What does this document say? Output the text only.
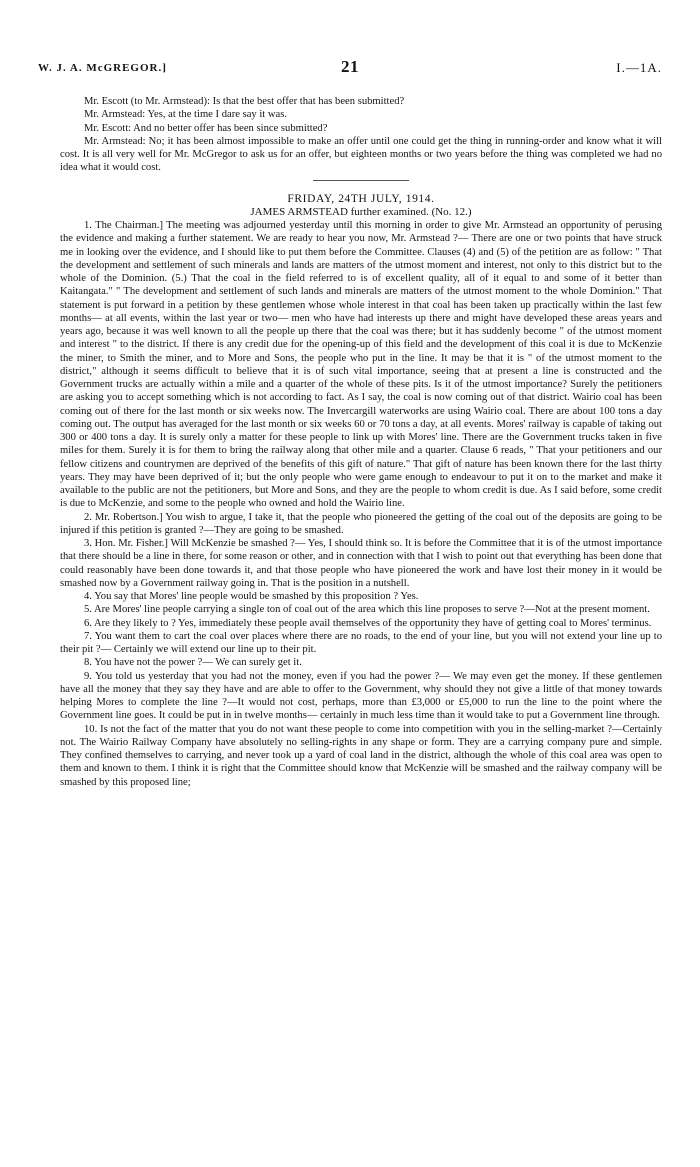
W. J. A. McGREGOR.]	21	I.—1A.

Mr. Escott (to Mr. Armstead): Is that the best offer that has been submitted?

Mr. Armstead: Yes, at the time I dare say it was.

Mr. Escott: And no better offer has been since submitted?

Mr. Armstead: No; it has been almost impossible to make an offer until one could get the thing in running-order and know what it will cost. It is all very well for Mr. McGregor to ask us for an offer, but eighteen months or two years before the thing was completed we had no idea what it would cost.

FRIDAY, 24TH JULY, 1914.

JAMES ARMSTEAD further examined. (No. 12.)

1. The Chairman.] The meeting was adjourned yesterday until this morning in order to give Mr. Armstead an opportunity of perusing the evidence and making a further statement. We are ready to hear you now, Mr. Armstead ?— There are one or two points that have struck me in looking over the evidence, and I should like to put them before the Committee. Clauses (4) and (5) of the petition are as follow: " That the development and settlement of such minerals and lands are matters of the utmost moment and interest, not only to this district but to the whole of the Dominion. (5.) That the coal in the field referred to is of excellent quality, all of it equal to and some of it better than Kaitangata." " The development and settlement of such lands and minerals are matters of the utmost moment to the whole Dominion." That statement is put forward in a petition by these gentlemen whose whole interest in that coal has been taken up practically within the last few months— at all events, within the last year or two— men who have had interests up there and might have developed these areas years and years ago, because it was well known to all the people up there that the coal was there; but it has suddenly become " of the utmost moment and interest " to the district. If there is any credit due for the opening-up of this field and the development of this coal it is due to McKenzie the miner, to Smith the miner, and to More and Sons, the people who put in the line. It may be that it is " of the utmost moment to the district," although it seems difficult to believe that it is of such vital importance, seeing that at present a line is constructed and the Government trucks are actually within a mile and a quarter of the whole of these pits. Is it of the utmost importance? Surely the petitioners are asking you to accept something which is not according to fact. As I say, the coal is now coming out of that district. Wairio coal has been coming out of there for the last month or six weeks now. The Invercargill waterworks are using Wairio coal. There are about 100 tons a day coming out. The output has averaged for the last month or six weeks 60 or 70 tons a day, at all events. Mores' railway is capable of taking out 300 or 400 tons a day. It is surely only a matter for these people to link up with Mores' line. There are the Government trucks taken in five miles for them. Surely it is for them to bring the railway along that other mile and a quarter. Clause 6 reads, " That your petitioners and our fellow citizens and countrymen are deprived of the benefits of this gift of nature." That gift of nature has been known there for the last thirty years. They may have been deprived of it; but the only people who were game enough to endeavour to put it on to the market and make it available to the public are not the petitioners, but More and Sons, and they are the people to whom credit is due. As I said before, some credit is due to McKenzie, and some to the people who owned and hold the Wairio line.

2. Mr. Robertson.] You wish to argue, I take it, that the people who pioneered the getting of the coal out of the deposits are going to be injured if this petition is granted ?—They are going to be smashed.

3. Hon. Mr. Fisher.] Will McKenzie be smashed ?— Yes, I should think so. It is before the Committee that it is of the utmost importance that there should be a line in there, for some reason or other, and in connection with that I wish to point out that everything has been done that could reasonably have been done towards it, and that those people who have pioneered the work and have lost their money in it would be smashed now by a Government railway going in. That is the position in a nutshell.

4. You say that Mores' line people would be smashed by this proposition ? Yes.

5. Are Mores' line people carrying a single ton of coal out of the area which this line proposes to serve ?—Not at the present moment.

6. Are they likely to ? Yes, immediately these people avail themselves of the opportunity they have of getting coal to Mores' terminus.

7. You want them to cart the coal over places where there are no roads, to the end of your line, but you will not extend your line up to their pit ?— Certainly we will extend our line up to their pit.

8. You have not the power ?— We can surely get it.

9. You told us yesterday that you had not the money, even if you had the power ?— We may even get the money. If these gentlemen have all the money that they say they have and are able to offer to the Government, why should they not give a little of that money towards helping Mores to complete the line ?—It would not cost, perhaps, more than £3,000 or £5,000 to run the line to the point where the Government line goes. It could be put in in twelve months— certainly in much less time than it would take to put a Government line through.

10. Is not the fact of the matter that you do not want these people to come into competition with you in the selling-market ?—Certainly not. The Wairio Railway Company have absolutely no selling-rights in any shape or form. They are a carrying company pure and simple. They confined themselves to carrying, and never took up a yard of coal land in the district, although the whole of this coal area was open to them and known to them. I think it is right that the Committee should know that McKenzie will be smashed and the railway company will be smashed by this proposed line;
